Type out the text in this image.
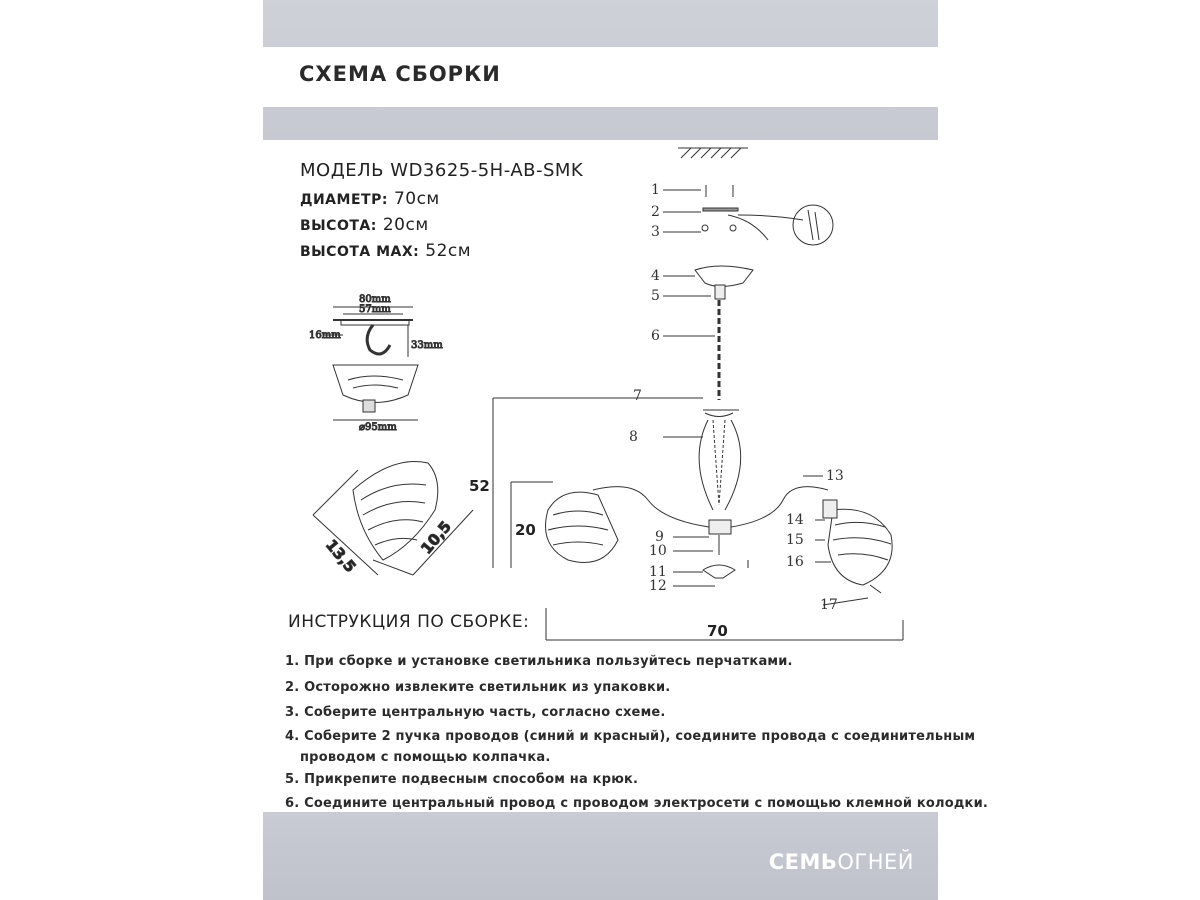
СХЕМА СБОРКИ
МОДЕЛЬ WD3625-5H-AB-SMK
ДИАМЕТР: 70см
ВЫСОТА: 20см
ВЫСОТА MAX: 52см
80mm
57mm
16mm
33mm
⌀95mm
13,5	10,5
1
2
3
4
5
6
7
8
9
10
11
12
13
14
15
16
17
52
20
70
ИНСТРУКЦИЯ ПО СБОРКЕ:
1. При сборке и установке светильника пользуйтесь перчатками.
2. Осторожно извлеките светильник из упаковки.
3. Соберите центральную часть, согласно схеме.
4. Соберите 2 пучка проводов (синий и красный), соедините провода с соединительным
проводом с помощью колпачка.
5. Прикрепите подвесным способом на крюк.
6. Соедините центральный провод с проводом электросети с помощью клемной колодки.
СЕМЬОГНЕЙ
